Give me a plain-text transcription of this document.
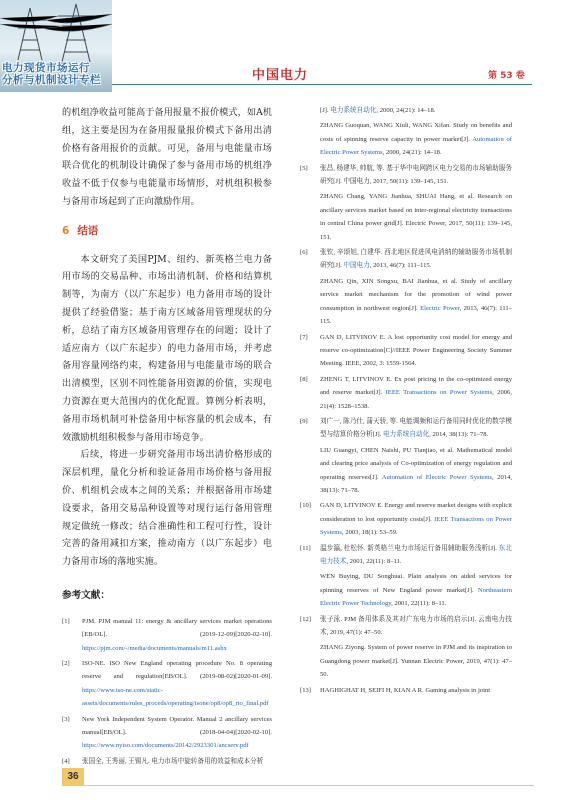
电力现货市场运行
分析与机制设计专栏	中国电力	第 53 卷

的机组净收益可能高于备用报量不报价模式，如A机组，这主要是因为在备用报量报价模式下备用出清价格有备用报价的贡献。可见，备用与电能量市场联合优化的机制设计确保了参与备用市场的机组净收益不低于仅参与电能量市场情形，对机组积极参与备用市场起到了正向激励作用。

6 结语

本文研究了美国PJM、纽约、新英格兰电力备用市场的交易品种、市场出清机制、价格和结算机制等，为南方（以广东起步）电力备用市场的设计提供了经验借鉴；基于南方区域备用管理现状的分析，总结了南方区域备用管理存在的问题；设计了适应南方（以广东起步）的电力备用市场，并考虑备用容量网络约束，构建备用与电能量市场的联合出清模型，区别不同性能备用资源的价值，实现电力资源在更大范围内的优化配置。算例分析表明，备用市场机制可补偿备用中标容量的机会成本，有效激励机组积极参与备用市场竞争。

后续，将进一步研究备用市场出清价格形成的深层机理，量化分析和验证备用市场价格与备用报价、机组机会成本之间的关系；并根据备用市场建设要求，备用交易品种设置等对现行运行备用管理规定做统一修改；结合准确性和工程可行性，设计完善的备用减扣方案，推动南方（以广东起步）电力备用市场的落地实施。

参考文献：
[1]	PJM. PJM manual 11: energy & ancillary services market operations [EB/OL]. (2019-12-09)[2020-02-10]. https://pjm.com/-/media/documents/manuals/m11.ashx
[2]	ISO-NE. ISO New England operating procedure No. 8 operating reserve and regulation[EB/OL]. (2019-08-02)[2020-01-09]. https://www.iso-ne.com/static-assets/documents/rules_proceds/operating/isone/op8/op8_rto_final.pdf
[3]	New York Independent System Operator. Manual 2 ancillary services manual[EB/OL]. (2018-04-04)[2020-02-10]. https://www.nyiso.com/documents/20142/2923301/ancserv.pdf
[4]	张国全, 王秀丽, 王锡凡. 电力市场中旋转备用的效益和成本分析
[J]. 电力系统自动化, 2000, 24(21): 14–18.
ZHANG Guoquan, WANG Xiuli, WANG Xifan. Study on benefits and costs of spinning reserve capacity in power market[J]. Automation of Electric Power Systems, 2000, 24(21): 14–18.
[5]	张昌, 杨建华, 帅航, 等. 基于华中电网跨区电力交易的市场辅助服务研究[J]. 中国电力, 2017, 50(11): 139–145, 151.
ZHANG Chang, YANG Jianhua, SHUAI Hang, et al. Research on ancillary services market based on inter-regional electricity transactions in central China power grid[J]. Electric Power, 2017, 50(11): 139–145, 151.
[6]	张钦, 辛颂旭, 白建华. 西北地区促进风电消纳的辅助服务市场机制研究[J]. 中国电力, 2013, 46(7): 111–115.
ZHANG Qin, XIN Songxu, BAI Jianhua, et al. Study of ancillary service market mechanism for the promotion of wind power consumption in northwest region[J]. Electric Power, 2013, 46(7): 111–115.
[7]	GAN D, LITVINOV E. A lost opportunity cost model for energy and reserve co-optimization[C]//IEEE Power Engineering Society Summer Meeting. IEEE, 2002, 3: 1559-1564.
[8]	ZHENG T, LITVINOV E. Ex post pricing in the co-optimized energy and reserve market[J]. IEEE Transactions on Power Systems, 2006, 21(4): 1528–1538.
[9]	刘广一, 陈乃仕, 蒲天骄, 等. 电能调频和运行备用同时优化的数学模型与结算价格分析[J]. 电力系统自动化, 2014, 38(13): 71–78.
LIU Guangyi, CHEN Naishi, PU Tianjiao, et al. Mathematical model and clearing price analysis of Co-optimization of energy regulation and operating reserves[J]. Automation of Electric Power Systems, 2014, 38(13): 71–78.
[10]	GAN D, LITVINOV E. Energy and reserve market designs with explicit consideration to lost opportunity costs[J]. IEEE Transactions on Power Systems, 2003, 18(1): 53–59.
[11]	温步瀛, 杜松怀. 新英格兰电力市场运行备用辅助服务浅析[J]. 东北电力技术, 2001, 22(11): 8–11.
WEN Buying, DU Songhuai. Plain analysis on aided services for spinning reserves of New England power market[J]. Northeastern Electric Power Technology, 2001, 22(11): 8–11.
[12]	张子泳. PJM 备用体系及其对广东电力市场的启示[J]. 云南电力技术, 2019, 47(1): 47–50.
ZHANG Ziyong. System of power reserve in PJM and its inspiration to Guangdong power market[J]. Yunnan Electric Power, 2019, 47(1): 47–50.
[13]	HAGHIGHAT H, SEIFI H, KIAN A R. Gaming analysis in joint
36
